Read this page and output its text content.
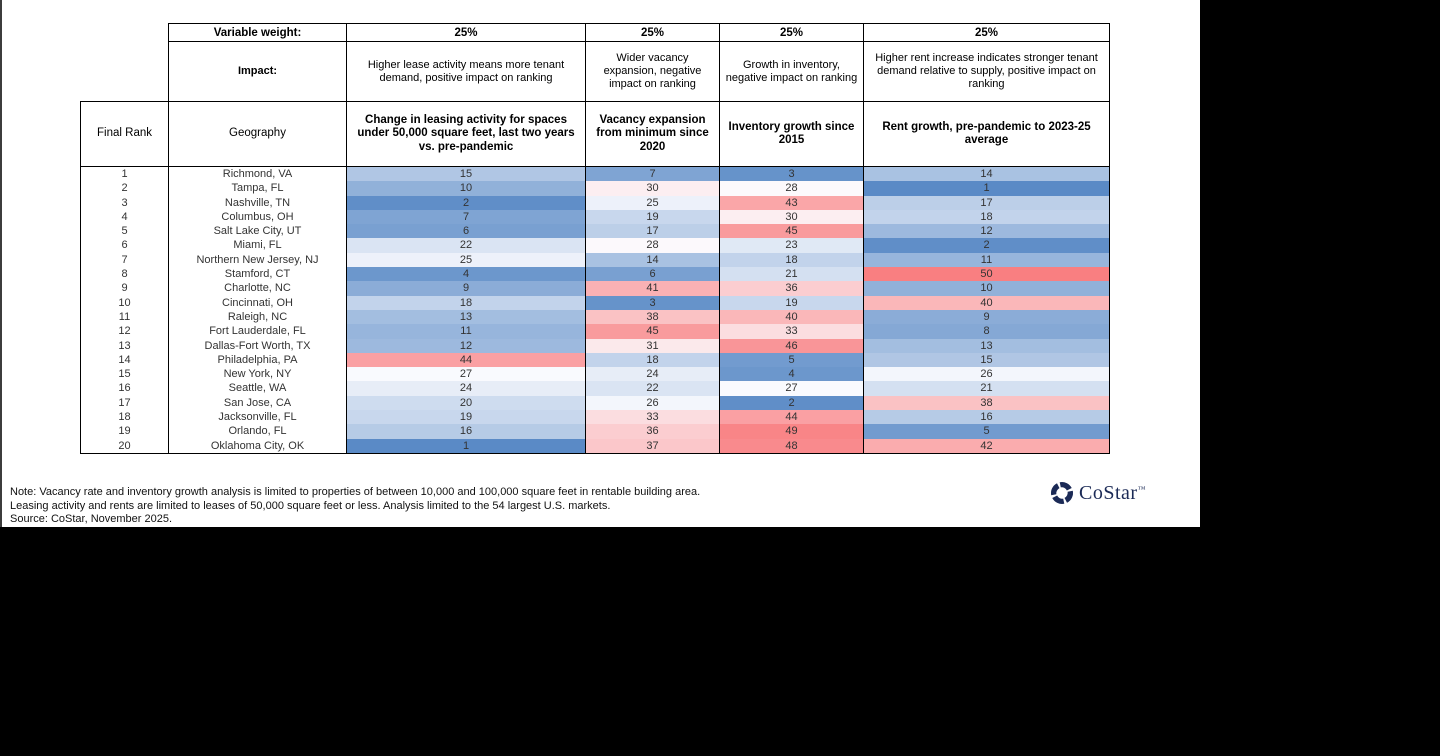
	Variable weight:	25%	25%	25%	25%
	Impact:	Higher lease activity means more tenant demand, positive impact on ranking	Wider vacancy expansion, negative impact on ranking	Growth in inventory, negative impact on ranking	Higher rent increase indicates stronger tenant demand relative to supply, positive impact on ranking
Final Rank	Geography	Change in leasing activity for spaces under 50,000 square feet, last two years vs. pre-pandemic	Vacancy expansion from minimum since 2020	Inventory growth since 2015	Rent growth, pre-pandemic to 2023-25 average
1	Richmond, VA	15	7	3	14
2	Tampa, FL	10	30	28	1
3	Nashville, TN	2	25	43	17
4	Columbus, OH	7	19	30	18
5	Salt Lake City, UT	6	17	45	12
6	Miami, FL	22	28	23	2
7	Northern New Jersey, NJ	25	14	18	11
8	Stamford, CT	4	6	21	50
9	Charlotte, NC	9	41	36	10
10	Cincinnati, OH	18	3	19	40
11	Raleigh, NC	13	38	40	9
12	Fort Lauderdale, FL	11	45	33	8
13	Dallas-Fort Worth, TX	12	31	46	13
14	Philadelphia, PA	44	18	5	15
15	New York, NY	27	24	4	26
16	Seattle, WA	24	22	27	21
17	San Jose, CA	20	26	2	38
18	Jacksonville, FL	19	33	44	16
19	Orlando, FL	16	36	49	5
20	Oklahoma City, OK	1	37	48	42
Note: Vacancy rate and inventory growth analysis is limited to properties of between 10,000 and 100,000 square feet in rentable building area.
Leasing activity and rents are limited to leases of 50,000 square feet or less. Analysis limited to the 54 largest U.S. markets.
Source: CoStar, November 2025.
CoStar™
